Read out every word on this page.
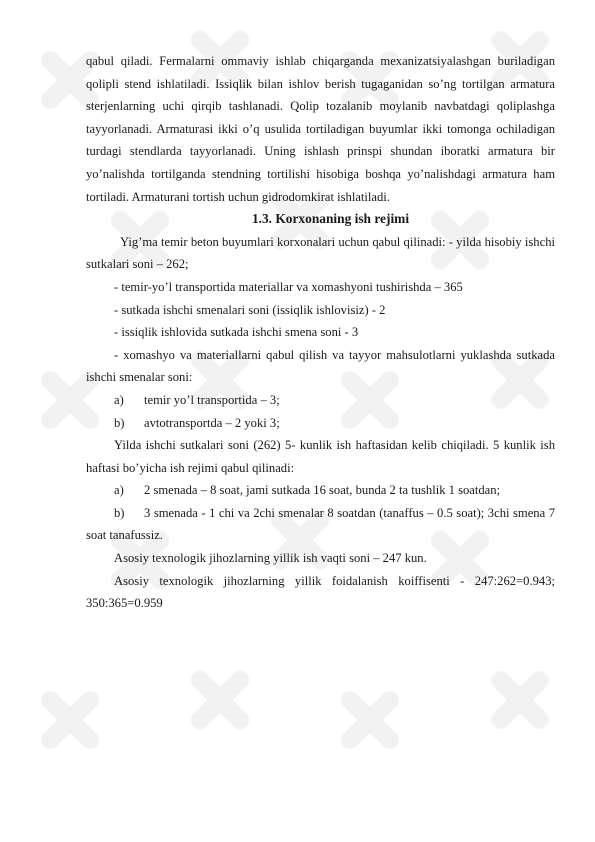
qabul qiladi. Fermalarni ommaviy ishlab chiqarganda mexanizatsiyalashgan buriladigan qolipli stend ishlatiladi. Issiqlik bilan ishlov berish tugaganidan so’ng tortilgan armatura sterjenlarning uchi qirqib tashlanadi. Qolip tozalanib moylanib navbatdagi qoliplashga tayyorlanadi. Armaturasi ikki o’q usulida tortiladigan buyumlar ikki tomonga ochiladigan turdagi stendlarda tayyorlanadi. Uning ishlash prinspi shundan iboratki armatura bir yo’nalishda tortilganda stendning tortilishi hisobiga boshqa yo’nalishdagi armatura ham tortiladi. Armaturani tortish uchun gidrodomkirat ishlatiladi.

1.3. Korxonaning ish rejimi

Yig’ma temir beton buyumlari korxonalari uchun qabul qilinadi: - yilda hisobiy ishchi sutkalari soni – 262;

- temir-yo’l transportida materiallar va xomashyoni tushirishda – 365

- sutkada ishchi smenalari soni (issiqlik ishlovisiz) - 2

- issiqlik ishlovida sutkada ishchi smena soni - 3

- xomashyo va materiallarni qabul qilish va tayyor mahsulotlarni yuklashda sutkada ishchi smenalar soni:

a) temir yo’l transportida – 3;

b) avtotransportda – 2 yoki 3;

Yilda ishchi sutkalari soni (262) 5- kunlik ish haftasidan kelib chiqiladi. 5 kunlik ish haftasi bo’yicha ish rejimi qabul qilinadi:

a) 2 smenada – 8 soat, jami sutkada 16 soat, bunda 2 ta tushlik 1 soatdan;

b) 3 smenada - 1 chi va 2chi smenalar 8 soatdan (tanaffus – 0.5 soat); 3chi smena 7 soat tanafussiz.

Asosiy texnologik jihozlarning yillik ish vaqti soni – 247 kun.

Asosiy texnologik jihozlarning yillik foidalanish koiffisenti - 247:262=0.943; 350:365=0.959
